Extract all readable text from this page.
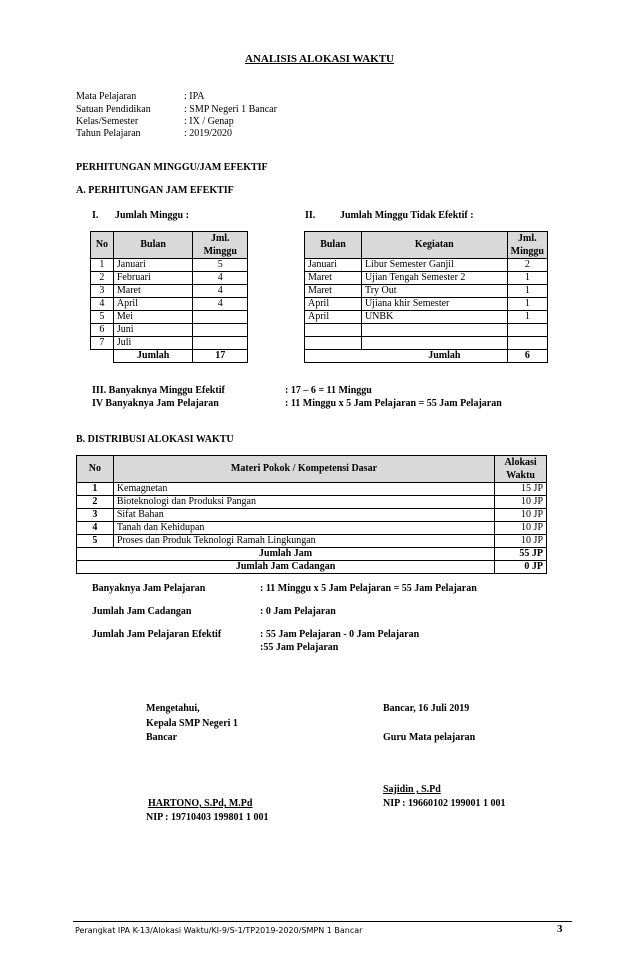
ANALISIS ALOKASI WAKTU
Mata Pelajaran	: IPA
Satuan Pendidikan	: SMP Negeri 1 Bancar
Kelas/Semester	: IX / Genap
Tahun Pelajaran	: 2019/2020
PERHITUNGAN MINGGU/JAM EFEKTIF
A. PERHITUNGAN JAM EFEKTIF
I. Jumlah Minggu :	II. Jumlah Minggu Tidak Efektif :
No	Bulan	Jml. Minggu
1	Januari	5
2	Februari	4
3	Maret	4
4	April	4
5	Mei	
6	Juni	
7	Juli	
	Jumlah	17
Bulan	Kegiatan	Jml. Minggu
Januari	Libur Semester Ganjil	2
Maret	Ujian Tengah Semester 2	1
Maret	Try Out	1
April	Ujiana khir Semester	1
April	UNBK	1

Jumlah		6
III. Banyaknya Minggu Efektif	: 17 – 6 = 11 Minggu
IV Banyaknya Jam Pelajaran	: 11 Minggu x 5 Jam Pelajaran = 55 Jam Pelajaran
B. DISTRIBUSI ALOKASI WAKTU
No	Materi Pokok / Kompetensi Dasar	Alokasi Waktu
1	Kemagnetan	15 JP
2	Bioteknologi dan Produksi Pangan	10 JP
3	Sifat Bahan	10 JP
4	Tanah dan Kehidupan	10 JP
5	Proses dan Produk Teknologi Ramah Lingkungan	10 JP
Jumlah Jam		55 JP
Jumlah Jam Cadangan		0 JP
Banyaknya Jam Pelajaran	: 11 Minggu x 5 Jam Pelajaran = 55 Jam Pelajaran
Jumlah Jam Cadangan	: 0 Jam Pelajaran
Jumlah Jam Pelajaran Efektif	: 55 Jam Pelajaran - 0 Jam Pelajaran
:55 Jam Pelajaran
Mengetahui,
Kepala SMP Negeri 1
Bancar
HARTONO, S.Pd, M.Pd
NIP : 19710403 199801 1 001
Bancar, 16 Juli 2019
Guru Mata pelajaran
Sajidin , S.Pd
NIP : 19660102 199001 1 001
Perangkat IPA K-13/Alokasi Waktu/Kl-9/S-1/TP2019-2020/SMPN 1 Bancar	3
